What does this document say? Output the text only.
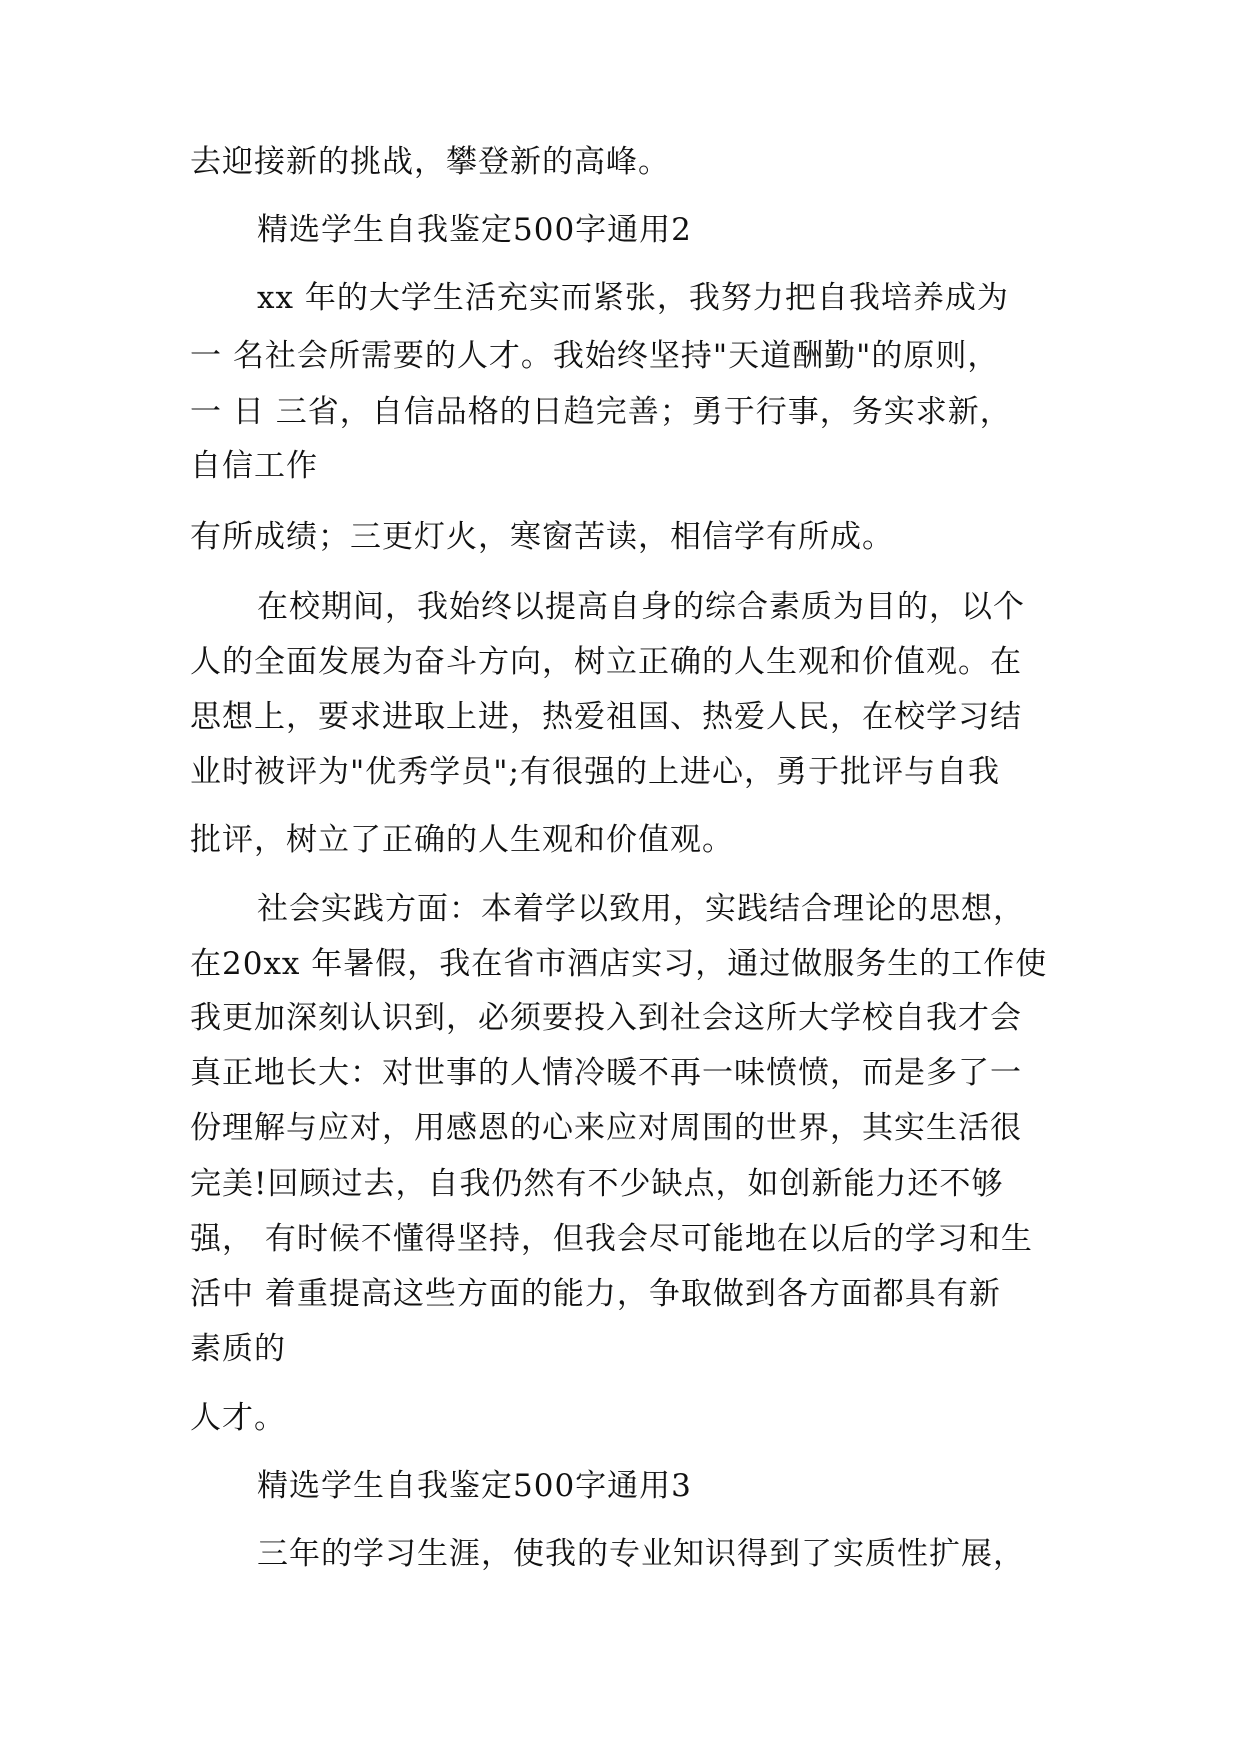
去迎接新的挑战，攀登新的高峰。
精选学生自我鉴定500字通用2
xx 年的大学生活充实而紧张，我努力把自我培养成为
一 名社会所需要的人才。我始终坚持"天道酬勤"的原则，
一 日 三省，自信品格的日趋完善；勇于行事，务实求新，
自信工作
有所成绩；三更灯火，寒窗苦读，相信学有所成。
在校期间，我始终以提高自身的综合素质为目的，以个
人的全面发展为奋斗方向，树立正确的人生观和价值观。在
思想上，要求进取上进，热爱祖国、热爱人民，在校学习结
业时被评为"优秀学员";有很强的上进心，勇于批评与自我
批评，树立了正确的人生观和价值观。
社会实践方面：本着学以致用，实践结合理论的思想，
在20xx 年暑假，我在省市酒店实习，通过做服务生的工作使
我更加深刻认识到，必须要投入到社会这所大学校自我才会
真正地长大：对世事的人情冷暖不再一味愤愤，而是多了一
份理解与应对，用感恩的心来应对周围的世界，其实生活很
完美!回顾过去，自我仍然有不少缺点，如创新能力还不够
强， 有时候不懂得坚持，但我会尽可能地在以后的学习和生
活中 着重提高这些方面的能力，争取做到各方面都具有新
素质的
人才。
精选学生自我鉴定500字通用3
三年的学习生涯，使我的专业知识得到了实质性扩展，
